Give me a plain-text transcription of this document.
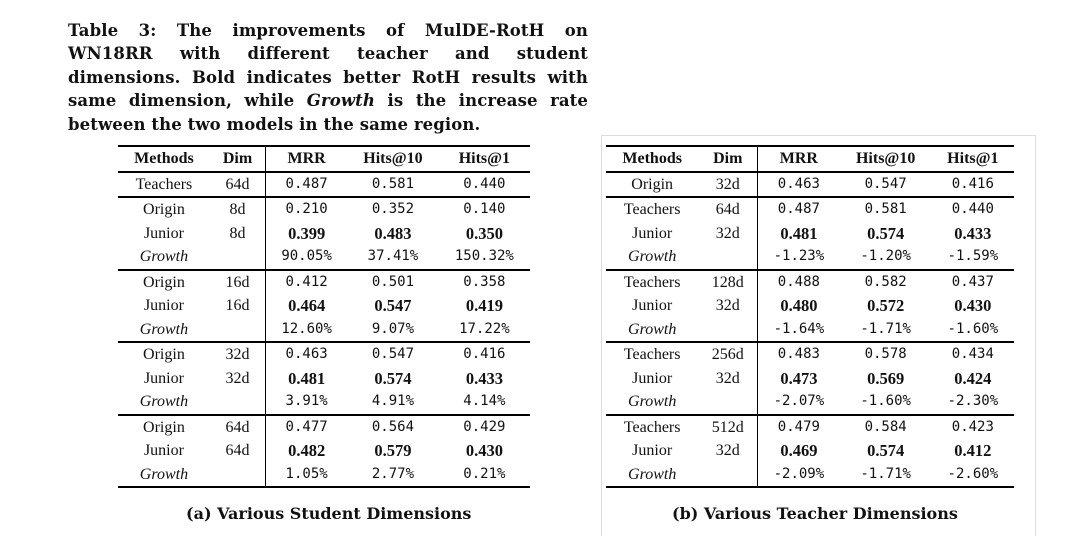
Table 3: The improvements of MulDE-RotH on WN18RR with different teacher and student dimensions. Bold indicates better RotH results with same dimension, while Growth is the increase rate between the two models in the same region.

Methods	Dim	MRR	Hits@10	Hits@1
Teachers	64d	0.487	0.581	0.440
Origin	8d	0.210	0.352	0.140
Junior	8d	0.399	0.483	0.350
Growth		90.05%	37.41%	150.32%
Origin	16d	0.412	0.501	0.358
Junior	16d	0.464	0.547	0.419
Growth		12.60%	9.07%	17.22%
Origin	32d	0.463	0.547	0.416
Junior	32d	0.481	0.574	0.433
Growth		3.91%	4.91%	4.14%
Origin	64d	0.477	0.564	0.429
Junior	64d	0.482	0.579	0.430
Growth		1.05%	2.77%	0.21%
Methods	Dim	MRR	Hits@10	Hits@1
Origin	32d	0.463	0.547	0.416
Teachers	64d	0.487	0.581	0.440
Junior	32d	0.481	0.574	0.433
Growth		-1.23%	-1.20%	-1.59%
Teachers	128d	0.488	0.582	0.437
Junior	32d	0.480	0.572	0.430
Growth		-1.64%	-1.71%	-1.60%
Teachers	256d	0.483	0.578	0.434
Junior	32d	0.473	0.569	0.424
Growth		-2.07%	-1.60%	-2.30%
Teachers	512d	0.479	0.584	0.423
Junior	32d	0.469	0.574	0.412
Growth		-2.09%	-1.71%	-2.60%
(a) Various Student Dimensions	(b) Various Teacher Dimensions
